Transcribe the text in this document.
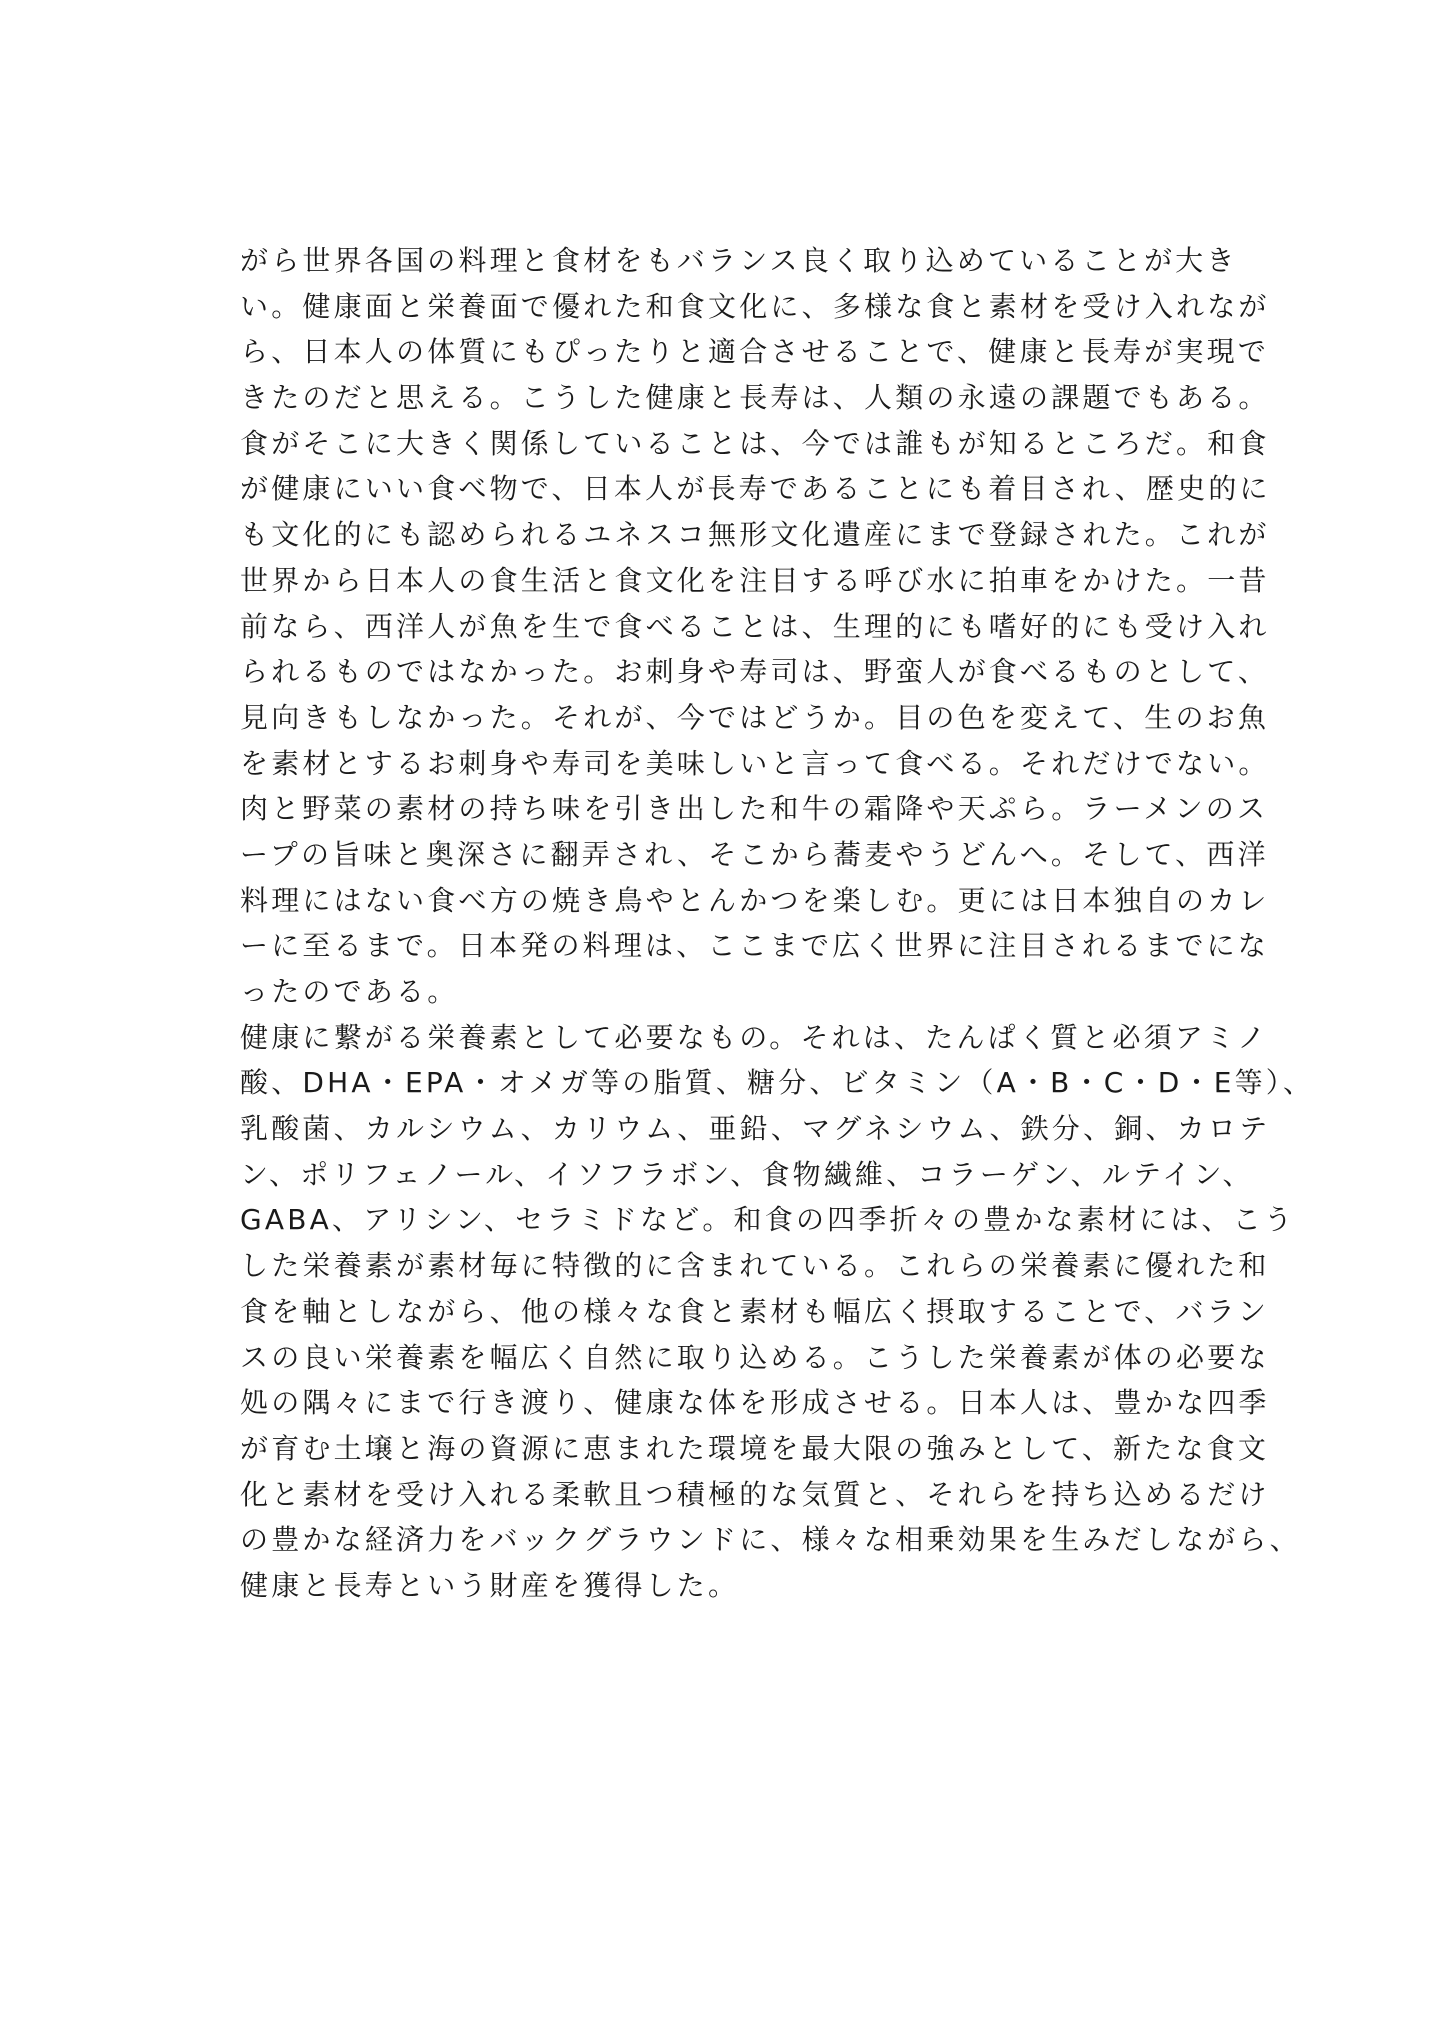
がら世界各国の料理と食材をもバランス良く取り込めていることが大き
い。健康面と栄養面で優れた和食文化に、多様な食と素材を受け入れなが
ら、日本人の体質にもぴったりと適合させることで、健康と長寿が実現で
きたのだと思える。こうした健康と長寿は、人類の永遠の課題でもある。
食がそこに大きく関係していることは、今では誰もが知るところだ。和食
が健康にいい食べ物で、日本人が長寿であることにも着目され、歴史的に
も文化的にも認められるユネスコ無形文化遺産にまで登録された。これが
世界から日本人の食生活と食文化を注目する呼び水に拍車をかけた。一昔
前なら、西洋人が魚を生で食べることは、生理的にも嗜好的にも受け入れ
られるものではなかった。お刺身や寿司は、野蛮人が食べるものとして、
見向きもしなかった。それが、今ではどうか。目の色を変えて、生のお魚
を素材とするお刺身や寿司を美味しいと言って食べる。それだけでない。
肉と野菜の素材の持ち味を引き出した和牛の霜降や天ぷら。ラーメンのス
ープの旨味と奥深さに翻弄され、そこから蕎麦やうどんへ。そして、西洋
料理にはない食べ方の焼き鳥やとんかつを楽しむ。更には日本独自のカレ
ーに至るまで。日本発の料理は、ここまで広く世界に注目されるまでにな
ったのである。
健康に繋がる栄養素として必要なもの。それは、たんぱく質と必須アミノ
酸、DHA・EPA・オメガ等の脂質、糖分、ビタミン（A・B・C・D・E等）、
乳酸菌、カルシウム、カリウム、亜鉛、マグネシウム、鉄分、銅、カロテ
ン、ポリフェノール、イソフラボン、食物繊維、コラーゲン、ルテイン、
GABA、アリシン、セラミドなど。和食の四季折々の豊かな素材には、こう
した栄養素が素材毎に特徴的に含まれている。これらの栄養素に優れた和
食を軸としながら、他の様々な食と素材も幅広く摂取することで、バラン
スの良い栄養素を幅広く自然に取り込める。こうした栄養素が体の必要な
処の隅々にまで行き渡り、健康な体を形成させる。日本人は、豊かな四季
が育む土壌と海の資源に恵まれた環境を最大限の強みとして、新たな食文
化と素材を受け入れる柔軟且つ積極的な気質と、それらを持ち込めるだけ
の豊かな経済力をバックグラウンドに、様々な相乗効果を生みだしながら、
健康と長寿という財産を獲得した。
